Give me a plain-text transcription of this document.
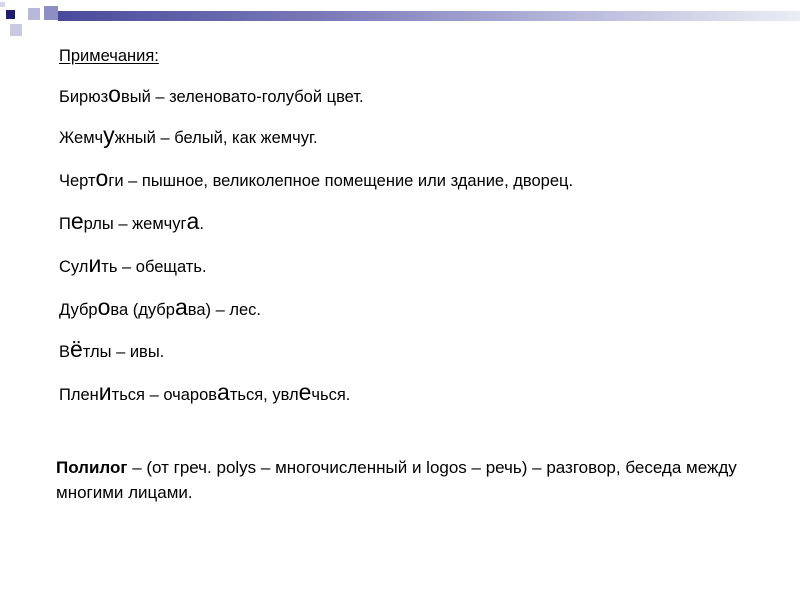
Примечания:
Бирюзовый – зеленовато-голубой цвет.
Жемчужный – белый, как жемчуг.
Чертоги – пышное, великолепное помещение или здание, дворец.
Перлы – жемчуга.
Сулить – обещать.
Дуброва (дубрава) – лес.
Вётлы – ивы.
Плениться – очароваться, увлечься.
Полилог – (от греч. polys – многочисленный и logos – речь) – разговор, беседа между многими лицами.
